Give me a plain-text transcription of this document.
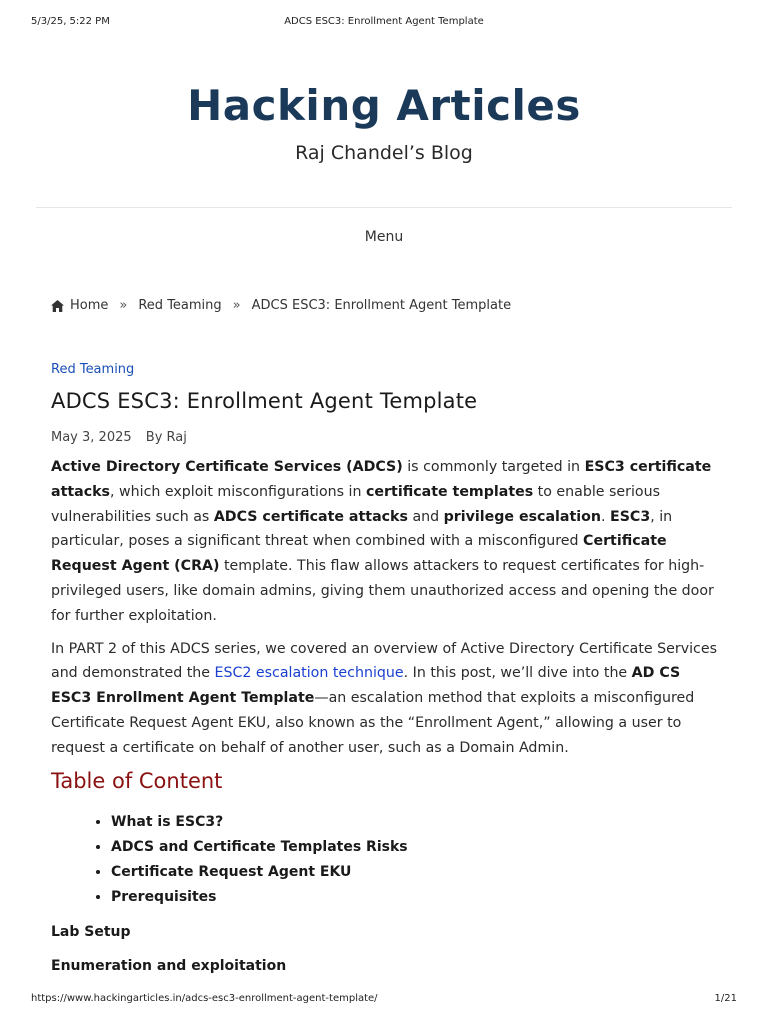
5/3/25, 5:22 PM	ADCS ESC3: Enrollment Agent Template
Hacking Articles
Raj Chandel’s Blog
Menu
Home » Red Teaming » ADCS ESC3: Enrollment Agent Template
Red Teaming
ADCS ESC3: Enrollment Agent Template
May 3, 2025 By Raj

Active Directory Certificate Services (ADCS) is commonly targeted in ESC3 certificate attacks, which exploit misconfigurations in certificate templates to enable serious vulnerabilities such as ADCS certificate attacks and privilege escalation. ESC3, in particular, poses a significant threat when combined with a misconfigured Certificate Request Agent (CRA) template. This flaw allows attackers to request certificates for high-privileged users, like domain admins, giving them unauthorized access and opening the door for further exploitation.

In PART 2 of this ADCS series, we covered an overview of Active Directory Certificate Services and demonstrated the ESC2 escalation technique. In this post, we’ll dive into the AD CS ESC3 Enrollment Agent Template—an escalation method that exploits a misconfigured Certificate Request Agent EKU, also known as the “Enrollment Agent,” allowing a user to request a certificate on behalf of another user, such as a Domain Admin.

Table of Content
• What is ESC3?
• ADCS and Certificate Templates Risks
• Certificate Request Agent EKU
• Prerequisites
Lab Setup
Enumeration and exploitation
https://www.hackingarticles.in/adcs-esc3-enrollment-agent-template/	1/21
